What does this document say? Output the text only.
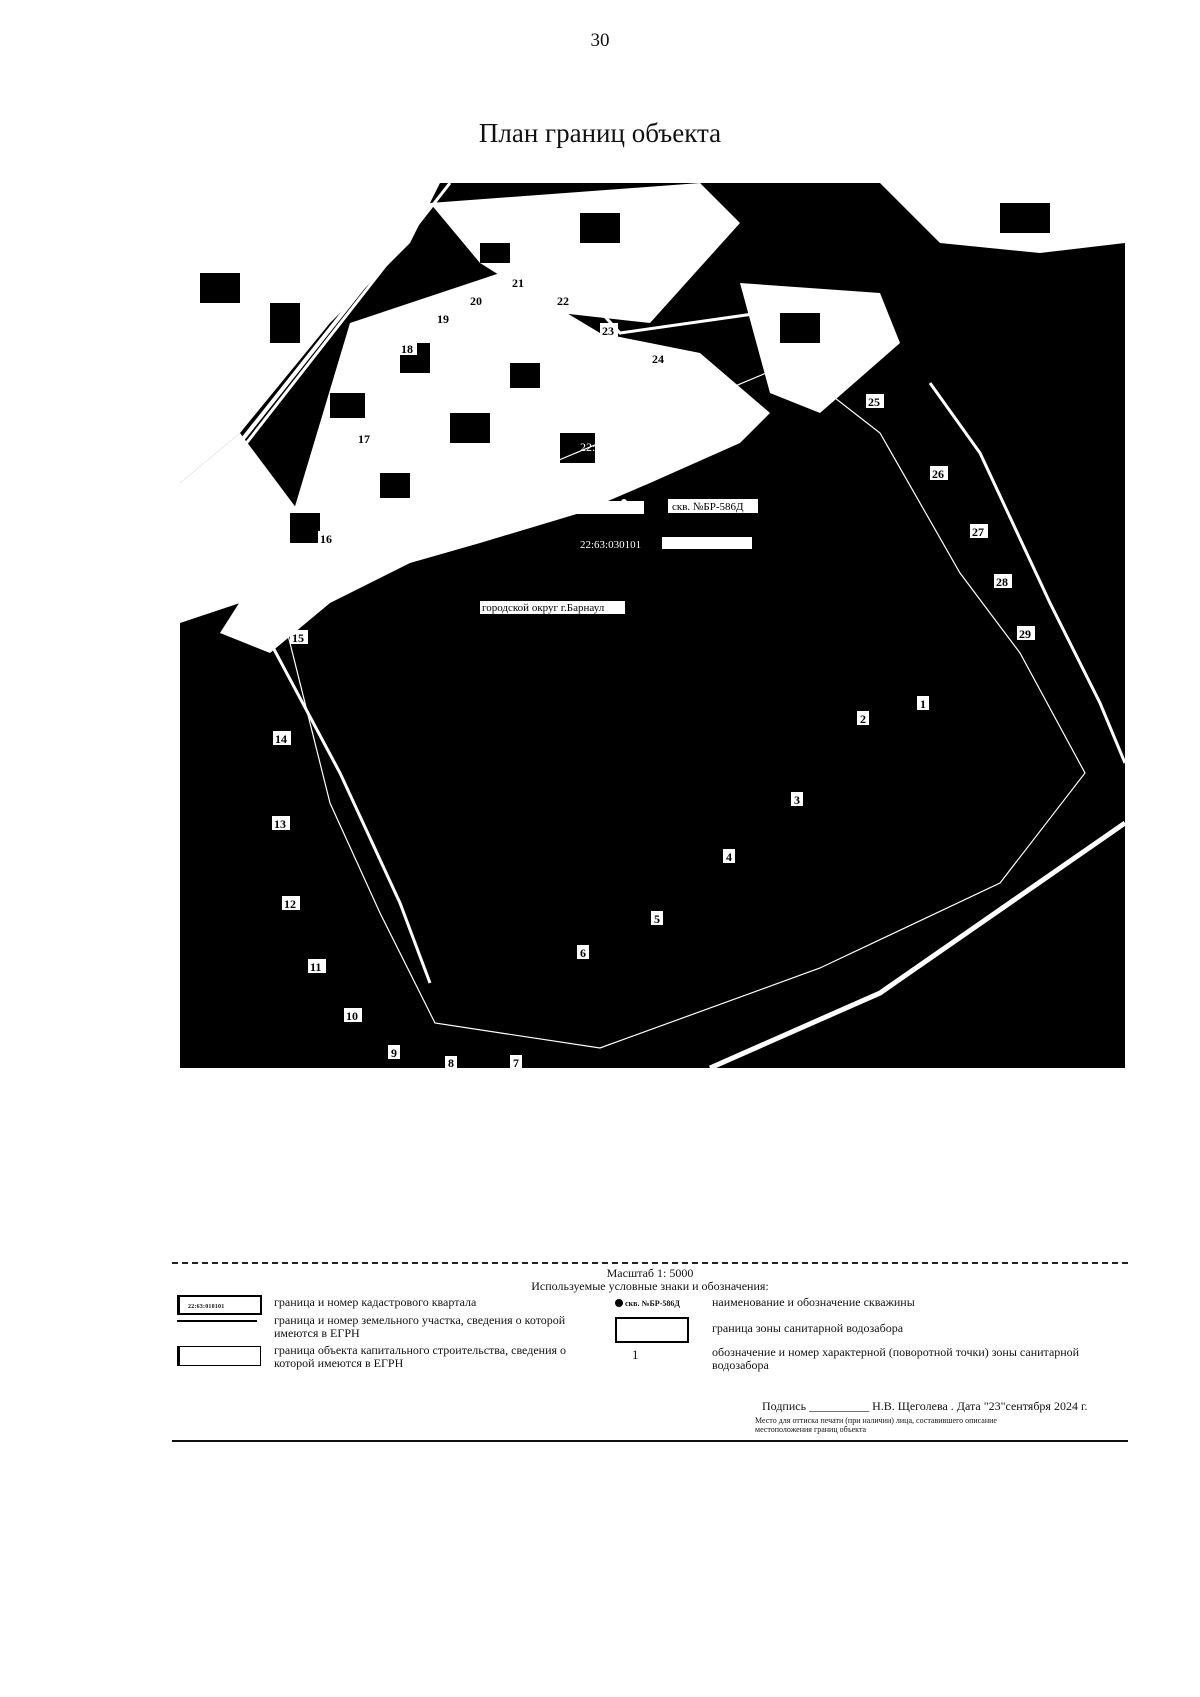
30
План границ объекта
22:63:030507
22:63:030506
скв. №БР-586Д
22:63:030101
городской округ г.Барнаул
1
2
3
4
5
6
7
8
9
10
11
12
13
14
15
16
17
18
19
20
21
22
23
24
25
26
27
28
29
Масштаб 1: 5000
Используемые условные знаки и обозначения:
22:63:010101	граница и номер кадастрового квартала
граница и номер земельного участка, сведения о которой имеются в ЕГРН
граница объекта капитального строительства, сведения о которой имеются в ЕГРН
скв. №БР-586Д	наименование и обозначение скважины
граница зоны санитарной водозабора
1	обозначение и номер характерной (поворотной точки) зоны санитарной водозабора
Подпись __________ Н.В. Щеголева . Дата "23"сентября 2024 г.
Место для оттиска печати (при наличии) лица, составившего описание местоположения границ объекта
